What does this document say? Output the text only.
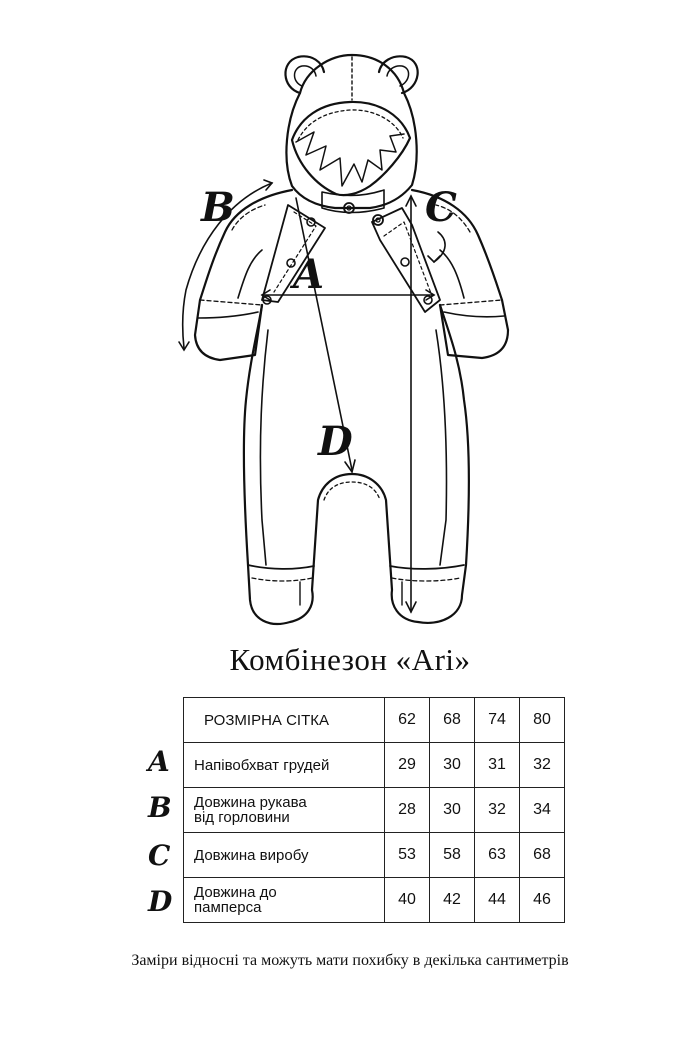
A
B	C
D
Комбінезон «Ari»
РОЗМІРНА СІТКА	62	68	74	80
Напівобхват грудей	29	30	31	32
Довжина рукава
від горловини	28	30	32	34
Довжина виробу	53	58	63	68
Довжина до
памперса	40	42	44	46
A
B
C
D
Заміри відносні та можуть мати похибку в декілька сантиметрів
